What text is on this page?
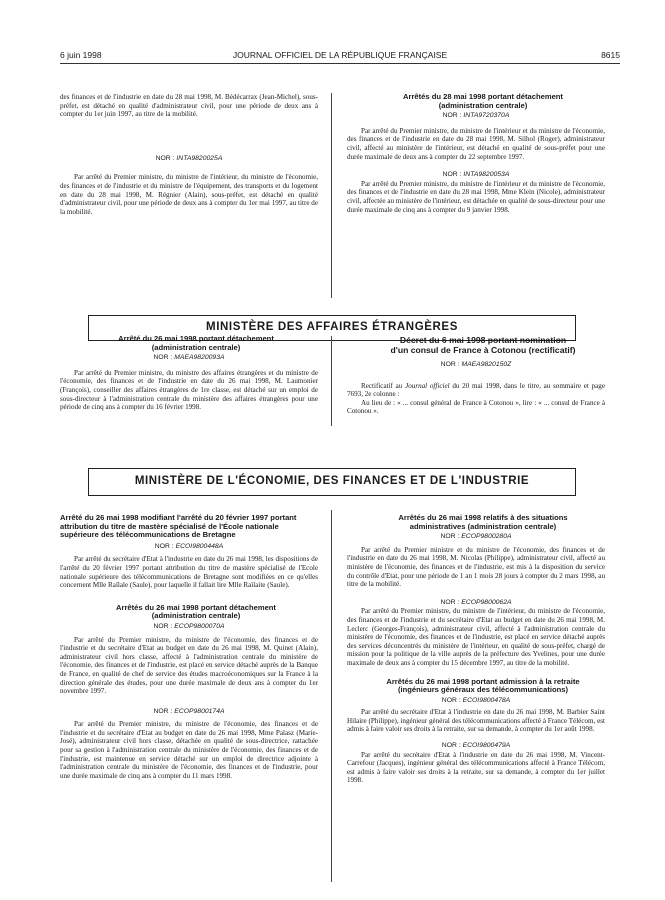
6 juin 1998	JOURNAL OFFICIEL DE LA RÉPUBLIQUE FRANÇAISE	8615

des finances et de l'industrie en date du 28 mai 1998, M. Bédécarrax (Jean-Michel), sous-préfet, est détaché en qualité d'administrateur civil, pour une période de deux ans à compter du 1er juin 1997, au titre de la mobilité.

NOR : INTA9820025A

Par arrêté du Premier ministre, du ministre de l'intérieur, du ministre de l'économie, des finances et de l'industrie et du ministre de l'équipement, des transports et du logement en date du 28 mai 1998, M. Régnier (Alain), sous-préfet, est détaché en qualité d'administrateur civil, pour une période de deux ans à compter du 1er mai 1997, au titre de la mobilité.

Arrêtés du 28 mai 1998 portant détachement

(administration centrale)

NOR : INTA9720370A

Par arrêté du Premier ministre, du ministre de l'intérieur et du ministre de l'économie, des finances et de l'industrie en date du 28 mai 1998, M. Silhol (Roger), administrateur civil, affecté au ministère de l'intérieur, est détaché en qualité de sous-préfet pour une durée maximale de deux ans à compter du 22 septembre 1997.

NOR : INTA9820053A

Par arrêté du Premier ministre, du ministre de l'intérieur et du ministre de l'économie, des finances et de l'industrie en date du 28 mai 1998, Mme Klein (Nicole), administrateur civil, affectée au ministère de l'intérieur, est détachée en qualité de sous-directeur pour une durée maximale de cinq ans à compter du 9 janvier 1998.

MINISTÈRE DES AFFAIRES ÉTRANGÈRES

Arrêté du 26 mai 1998 portant détachement

(administration centrale)

NOR : MAEA9820093A

Par arrêté du Premier ministre, du ministre des affaires étrangères et du ministre de l'économie, des finances et de l'industrie en date du 26 mai 1998, M. Laumonier (François), conseiller des affaires étrangères de 1re classe, est détaché sur un emploi de sous-directeur à l'administration centrale du ministère des affaires étrangères pour une période de cinq ans à compter du 16 février 1998.

Décret du 6 mai 1998 portant nomination

d'un consul de France à Cotonou (rectificatif)

NOR : MAEA9820150Z

Rectificatif au Journal officiel du 20 mai 1998, dans le titre, au sommaire et page 7693, 2e colonne :

Au lieu de : « ... consul général de France à Cotonou », lire : « ... consul de France à Cotonou ».

MINISTÈRE DE L'ÉCONOMIE, DES FINANCES ET DE L'INDUSTRIE

Arrêté du 26 mai 1998 modifiant l'arrêté du 20 février 1997 portant attribution du titre de mastère spécialisé de l'École nationale supérieure des télécommunications de Bretagne

NOR : ECOI9800448A

Par arrêté du secrétaire d'Etat à l'industrie en date du 26 mai 1998, les dispositions de l'arrêté du 20 février 1997 portant attribution du titre de mastère spécialisé de l'Ecole nationale supérieure des télécommunications de Bretagne sont modifiées en ce qu'elles concernent Mlle Raïlale (Saule), pour laquelle il fallait lire Mlle Raïlaite (Saule).

Arrêtés du 26 mai 1998 portant détachement

(administration centrale)

NOR : ECOP9800070A

Par arrêté du Premier ministre, du ministre de l'économie, des finances et de l'industrie et du secrétaire d'Etat au budget en date du 26 mai 1998, M. Quinet (Alain), administrateur civil hors classe, affecté à l'administration centrale du ministère de l'économie, des finances et de l'industrie, est placé en service détaché auprès de la Banque de France, en qualité de chef de service des études macroéconomiques sur la France à la direction générale des études, pour une durée maximale de deux ans à compter du 1er novembre 1997.

NOR : ECOP9800174A

Par arrêté du Premier ministre, du ministre de l'économie, des finances et de l'industrie et du secrétaire d'Etat au budget en date du 26 mai 1998, Mme Palasz (Marie-José), administrateur civil hors classe, détachée en qualité de sous-directrice, rattachée pour sa gestion à l'administration centrale du ministère de l'économie, des finances et de l'industrie, est maintenue en service détaché sur un emploi de directrice adjointe à l'administration centrale du ministère de l'économie, des finances et de l'industrie, pour une durée maximale de cinq ans à compter du 11 mars 1998.

Arrêtés du 26 mai 1998 relatifs à des situations

administratives (administration centrale)

NOR : ECOP9800280A

Par arrêté du Premier ministre et du ministre de l'économie, des finances et de l'industrie en date du 26 mai 1998, M. Nicolas (Philippe), administrateur civil, affecté au ministère de l'économie, des finances et de l'industrie, est mis à la disposition du service du contrôle d'Etat, pour une période de 1 an 1 mois 28 jours à compter du 2 mars 1998, au titre de la mobilité.

NOR : ECOP9800062A

Par arrêté du Premier ministre, du ministre de l'intérieur, du ministre de l'économie, des finances et de l'industrie et du secrétaire d'Etat au budget en date du 26 mai 1998, M. Leclerc (Georges-François), administrateur civil, affecté à l'administration centrale du ministère de l'économie, des finances et de l'industrie, est placé en service détaché auprès des services déconcentrés du ministère de l'intérieur, en qualité de sous-préfet, chargé de mission pour la politique de la ville auprès de la préfecture des Yvelines, pour une durée maximale de deux ans à compter du 15 décembre 1997, au titre de la mobilité.

Arrêtés du 26 mai 1998 portant admission à la retraite

(ingénieurs généraux des télécommunications)

NOR : ECOI9800478A

Par arrêté du secrétaire d'Etat à l'industrie en date du 26 mai 1998, M. Barbier Saint Hilaire (Philippe), ingénieur général des télécommunications affecté à France Télécom, est admis à faire valoir ses droits à la retraite, sur sa demande, à compter du 1er août 1998.

NOR : ECOI9800479A

Par arrêté du secrétaire d'Etat à l'industrie en date du 26 mai 1998, M. Vincent-Carrefour (Jacques), ingénieur général des télécommunications affecté à France Télécom, est admis à faire valoir ses droits à la retraite, sur sa demande, à compter du 1er juillet 1998.
